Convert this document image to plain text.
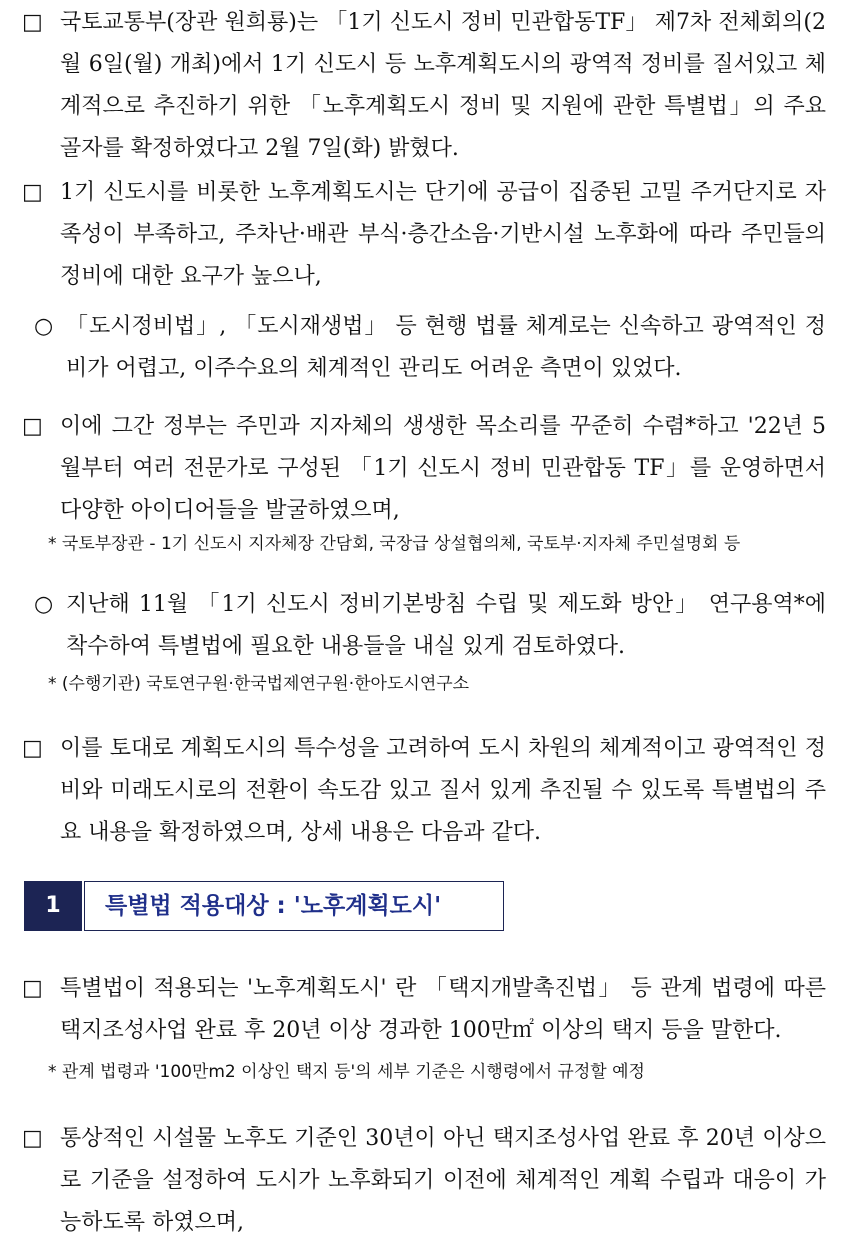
□ 국토교통부(장관 원희룡)는 「1기 신도시 정비 민관합동TF」 제7차 전체회의(2월 6일(월) 개최)에서 1기 신도시 등 노후계획도시의 광역적 정비를 질서있고 체계적으로 추진하기 위한 「노후계획도시 정비 및 지원에 관한 특별법」의 주요 골자를 확정하였다고 2월 7일(화) 밝혔다.
□ 1기 신도시를 비롯한 노후계획도시는 단기에 공급이 집중된 고밀 주거단지로 자족성이 부족하고, 주차난·배관 부식·층간소음·기반시설 노후화에 따라 주민들의 정비에 대한 요구가 높으나,
○ 「도시정비법」, 「도시재생법」 등 현행 법률 체계로는 신속하고 광역적인 정비가 어렵고, 이주수요의 체계적인 관리도 어려운 측면이 있었다.
□ 이에 그간 정부는 주민과 지자체의 생생한 목소리를 꾸준히 수렴*하고 '22년 5월부터 여러 전문가로 구성된 「1기 신도시 정비 민관합동 TF」를 운영하면서 다양한 아이디어들을 발굴하였으며,
* 국토부장관 - 1기 신도시 지자체장 간담회, 국장급 상설협의체, 국토부·지자체 주민설명회 등
○ 지난해 11월 「1기 신도시 정비기본방침 수립 및 제도화 방안」 연구용역*에 착수하여 특별법에 필요한 내용들을 내실 있게 검토하였다.
* (수행기관) 국토연구원·한국법제연구원·한아도시연구소
□ 이를 토대로 계획도시의 특수성을 고려하여 도시 차원의 체계적이고 광역적인 정비와 미래도시로의 전환이 속도감 있고 질서 있게 추진될 수 있도록 특별법의 주요 내용을 확정하였으며, 상세 내용은 다음과 같다.
1	특별법 적용대상 : '노후계획도시'
□ 특별법이 적용되는 '노후계획도시' 란 「택지개발촉진법」 등 관계 법령에 따른 택지조성사업 완료 후 20년 이상 경과한 100만㎡ 이상의 택지 등을 말한다.
* 관계 법령과 '100만m2 이상인 택지 등'의 세부 기준은 시행령에서 규정할 예정
□ 통상적인 시설물 노후도 기준인 30년이 아닌 택지조성사업 완료 후 20년 이상으로 기준을 설정하여 도시가 노후화되기 이전에 체계적인 계획 수립과 대응이 가능하도록 하였으며,
